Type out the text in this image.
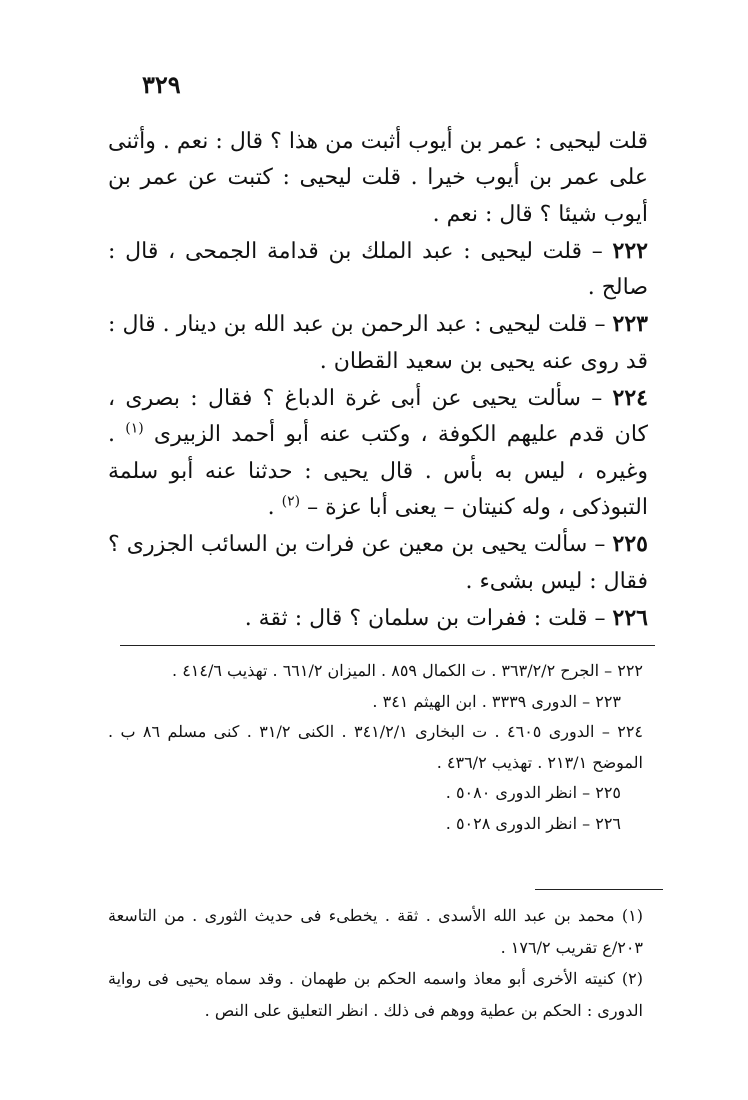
٣٢٩

قلت ليحيى : عمر بن أيوب أثبت من هذا ؟ قال : نعم . وأثنى على عمر بن أيوب خيرا . قلت ليحيى : كتبت عن عمر بن أيوب شيئا ؟ قال : نعم .

٢٢٢ – قلت ليحيى : عبد الملك بن قدامة الجمحى ، قال : صالح .

٢٢٣ – قلت ليحيى : عبد الرحمن بن عبد الله بن دينار . قال : قد روى عنه يحيى بن سعيد القطان .

٢٢٤ – سألت يحيى عن أبى غرة الدباغ ؟ فقال : بصرى ، كان قدم عليهم الكوفة ، وكتب عنه أبو أحمد الزبيرى $^{(١)}$ . وغيره ، ليس به بأس . قال يحيى : حدثنا عنه أبو سلمة التبوذكى ، وله كنيتان – يعنى أبا عزة – $^{(٢)}$ .

٢٢٥ – سألت يحيى بن معين عن فرات بن السائب الجزرى ؟ فقال : ليس بشىء .

٢٢٦ – قلت : ففرات بن سلمان ؟ قال : ثقة .

٢٢٢ – الجرح ٣٦٣/٢/٢ . ت الكمال ٨٥٩ . الميزان ٦٦١/٢ . تهذيب ٤١٤/٦ .

٢٢٣ – الدورى ٣٣٣٩ . ابن الهيثم ٣٤١ .

٢٢٤ – الدورى ٤٦٠٥ . ت البخارى ٣٤١/٢/١ . الكنى ٣١/٢ . كنى مسلم ٨٦ ب . الموضح ٢١٣/١ . تهذيب ٤٣٦/٢ .

٢٢٥ – انظر الدورى ٥٠٨٠ .

٢٢٦ – انظر الدورى ٥٠٢٨ .

(١) محمد بن عبد الله الأسدى . ثقة . يخطىء فى حديث الثورى . من التاسعة ٢٠٣/ع تقريب ١٧٦/٢ .

(٢) كنيته الأخرى أبو معاذ واسمه الحكم بن طهمان . وقد سماه يحيى فى رواية الدورى : الحكم بن عطية ووهم فى ذلك . انظر التعليق على النص .
